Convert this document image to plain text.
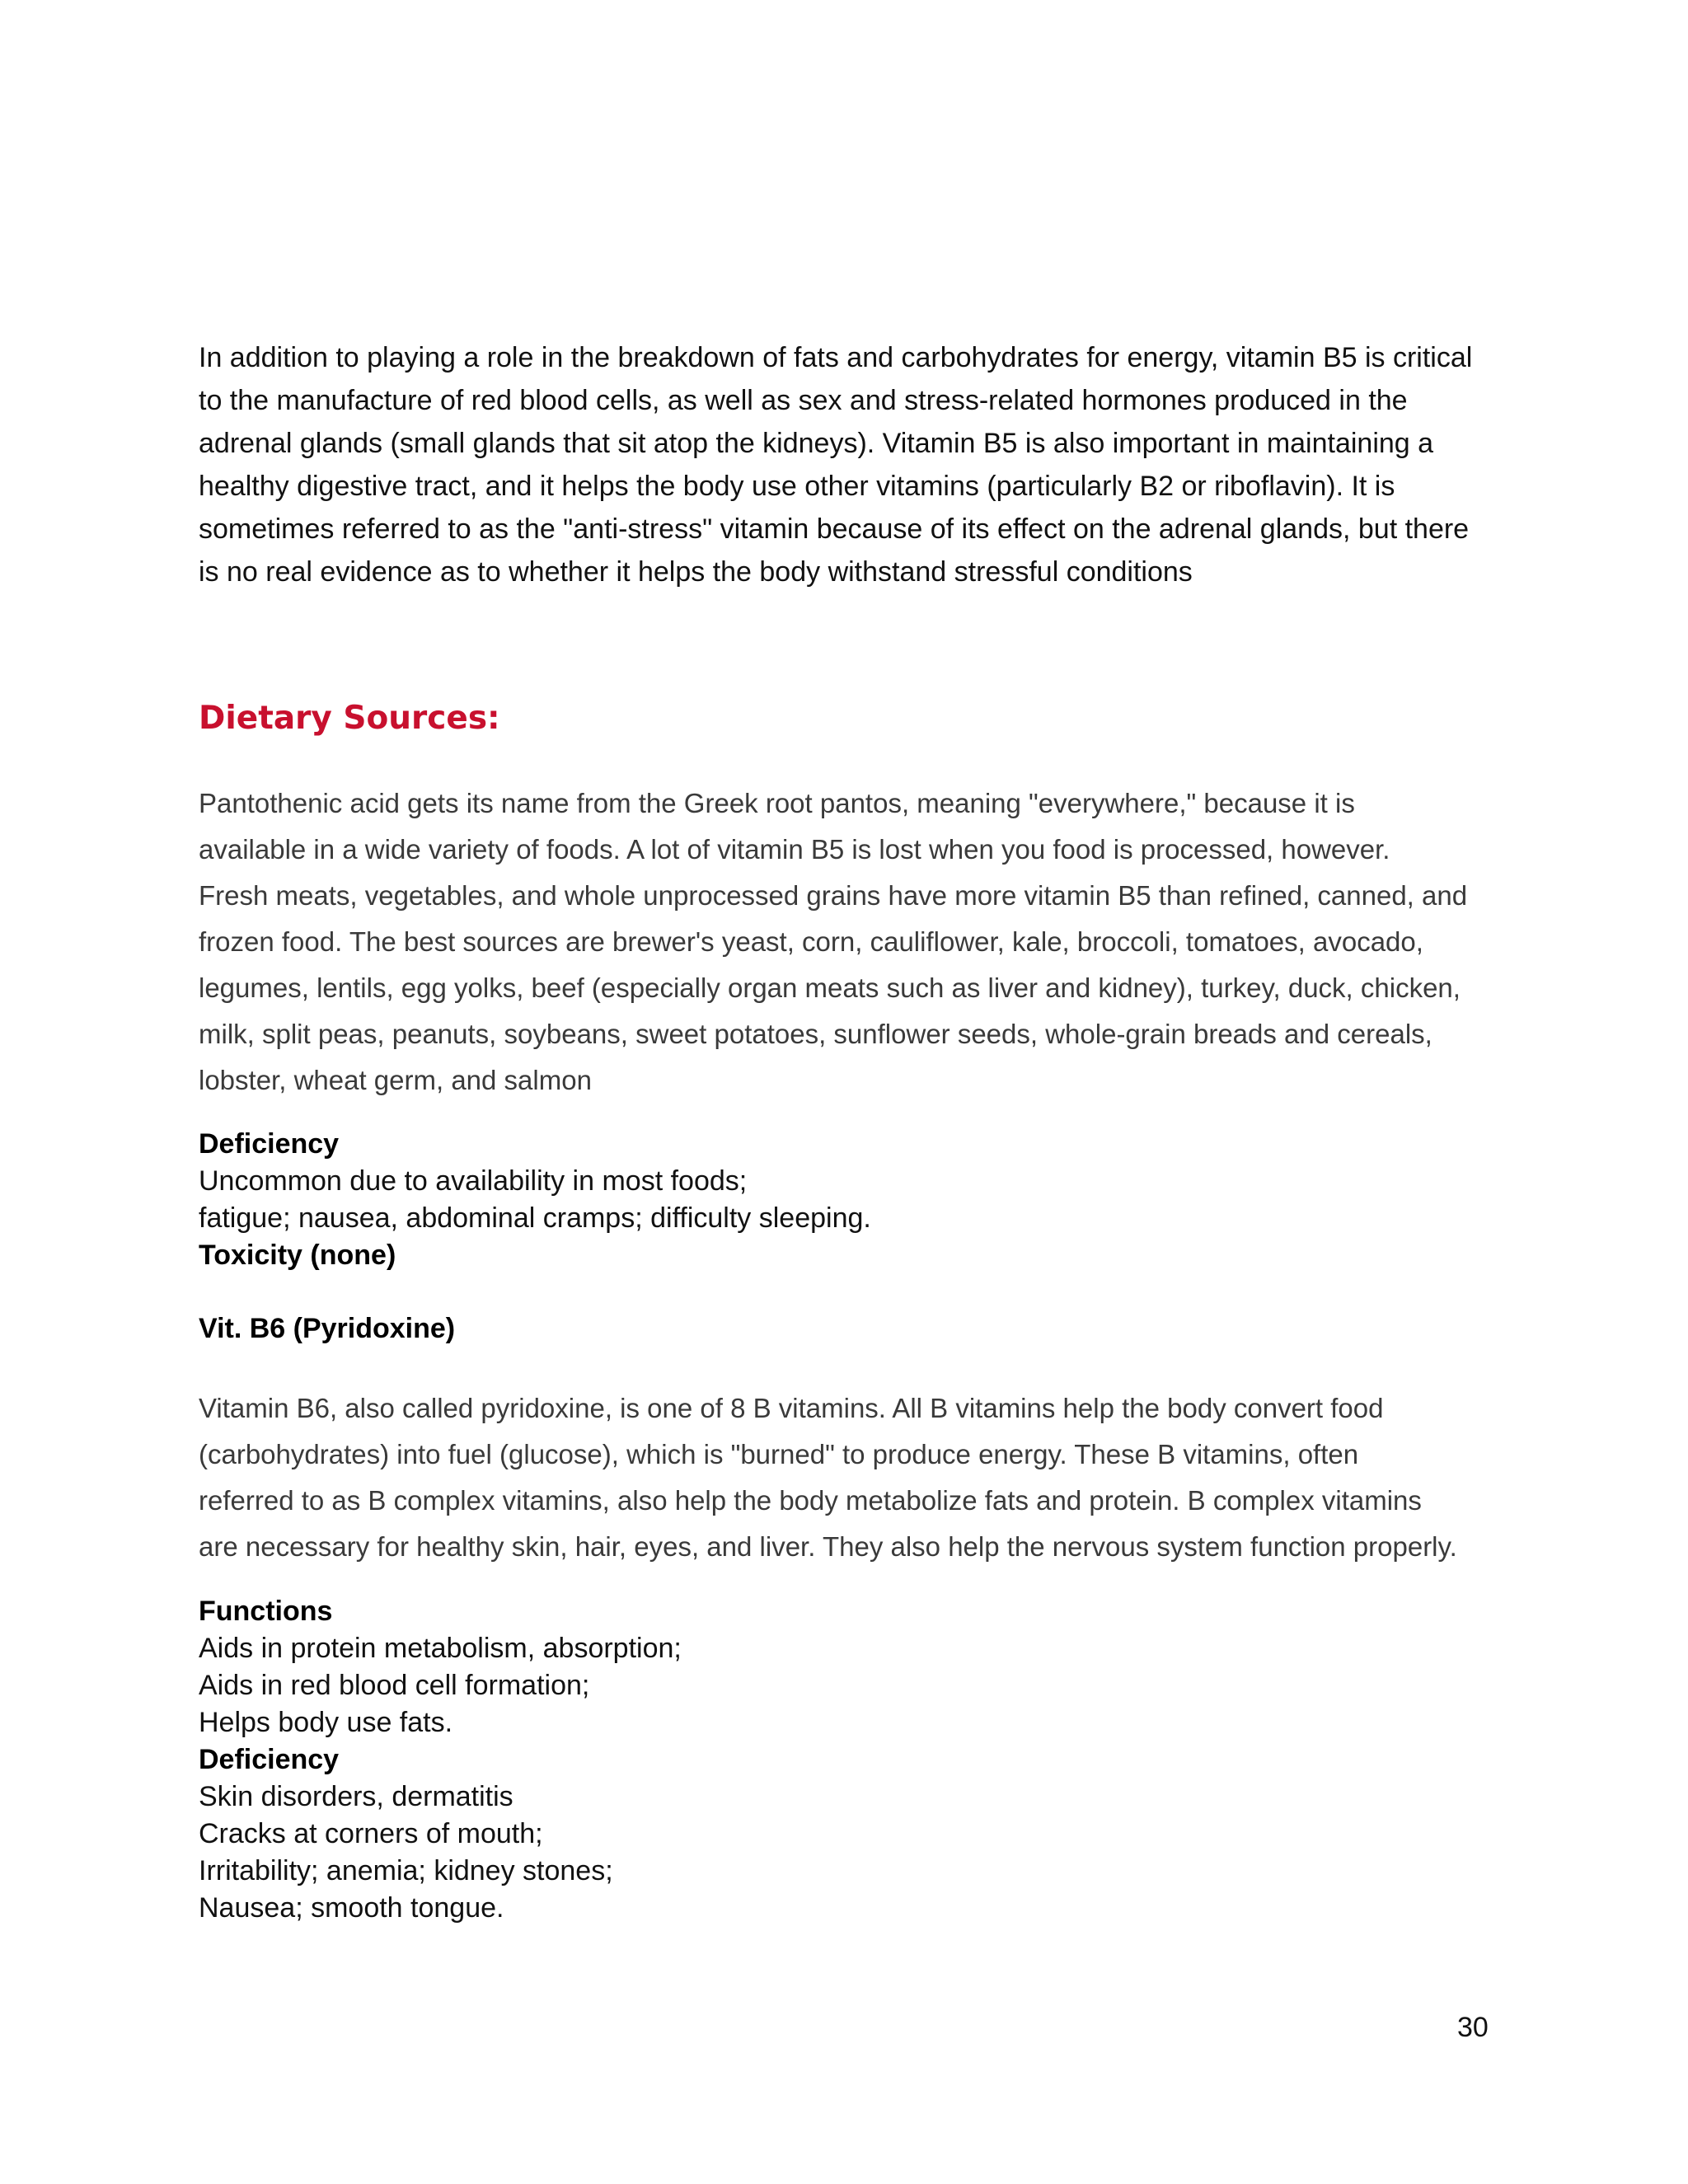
In addition to playing a role in the breakdown of fats and carbohydrates for energy, vitamin B5 is critical
to the manufacture of red blood cells, as well as sex and stress-related hormones produced in the
adrenal glands (small glands that sit atop the kidneys). Vitamin B5 is also important in maintaining a
healthy digestive tract, and it helps the body use other vitamins (particularly B2 or riboflavin). It is
sometimes referred to as the "anti-stress" vitamin because of its effect on the adrenal glands, but there
is no real evidence as to whether it helps the body withstand stressful conditions
Dietary Sources:
Pantothenic acid gets its name from the Greek root pantos, meaning "everywhere," because it is
available in a wide variety of foods. A lot of vitamin B5 is lost when you food is processed, however.
Fresh meats, vegetables, and whole unprocessed grains have more vitamin B5 than refined, canned, and
frozen food. The best sources are brewer's yeast, corn, cauliflower, kale, broccoli, tomatoes, avocado,
legumes, lentils, egg yolks, beef (especially organ meats such as liver and kidney), turkey, duck, chicken,
milk, split peas, peanuts, soybeans, sweet potatoes, sunflower seeds, whole-grain breads and cereals,
lobster, wheat germ, and salmon
Deficiency
Uncommon due to availability in most foods;
fatigue; nausea, abdominal cramps; difficulty sleeping.
Toxicity (none)
Vit. B6 (Pyridoxine)
Vitamin B6, also called pyridoxine, is one of 8 B vitamins. All B vitamins help the body convert food
(carbohydrates) into fuel (glucose), which is "burned" to produce energy. These B vitamins, often
referred to as B complex vitamins, also help the body metabolize fats and protein. B complex vitamins
are necessary for healthy skin, hair, eyes, and liver. They also help the nervous system function properly.
Functions
Aids in protein metabolism, absorption;
Aids in red blood cell formation;
Helps body use fats.
Deficiency
Skin disorders, dermatitis
Cracks at corners of mouth;
Irritability; anemia; kidney stones;
Nausea; smooth tongue.
30
